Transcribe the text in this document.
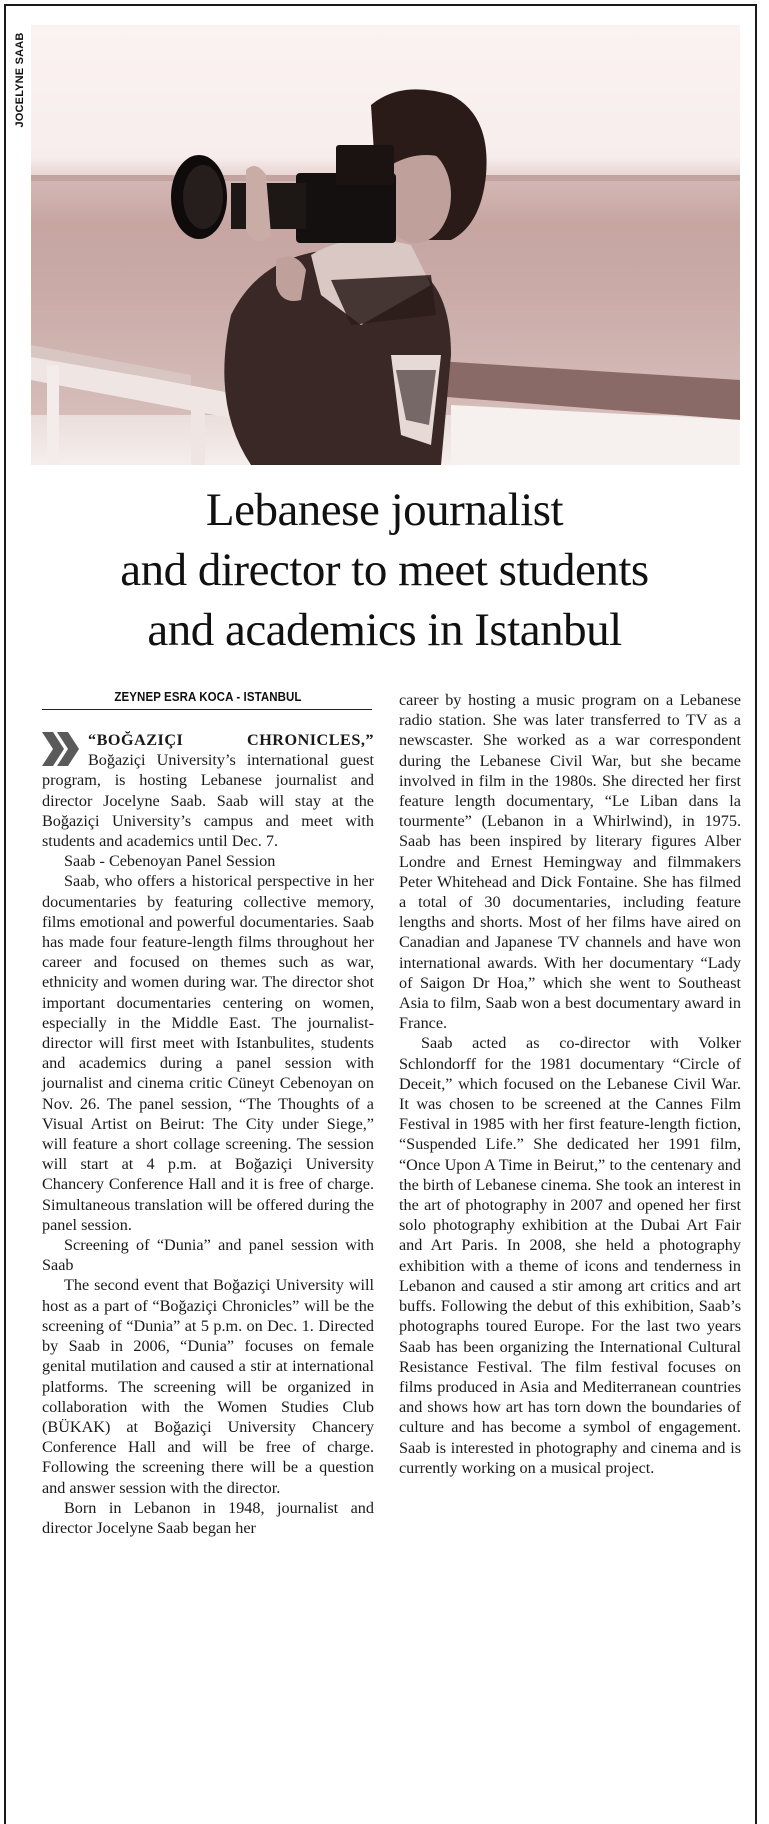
JOCELYNE SAAB
Lebanese journalist
and director to meet students
and academics in Istanbul
ZEYNEP ESRA KOCA - ISTANBUL

“BOĞAZIÇI CHRONICLES,” Boğaziçi University’s international guest program, is hosting Lebanese journalist and director Jocelyne Saab. Saab will stay at the Boğaziçi University’s campus and meet with students and academics until Dec. 7.

Saab - Cebenoyan Panel Session

Saab, who offers a historical perspective in her documentaries by featuring collective memory, films emotional and powerful documentaries. Saab has made four feature-length films throughout her career and focused on themes such as war, ethnicity and women during war. The director shot important documentaries centering on women, especially in the Middle East. The journalist-director will first meet with Istanbulites, students and academics during a panel session with journalist and cinema critic Cüneyt Cebenoyan on Nov. 26. The panel session, “The Thoughts of a Visual Artist on Beirut: The City under Siege,” will feature a short collage screening. The session will start at 4 p.m. at Boğaziçi University Chancery Conference Hall and it is free of charge. Simultaneous translation will be offered during the panel session.

Screening of “Dunia” and panel session with Saab

The second event that Boğaziçi University will host as a part of “Boğaziçi Chronicles” will be the screening of “Dunia” at 5 p.m. on Dec. 1. Directed by Saab in 2006, “Dunia” focuses on female genital mutilation and caused a stir at international platforms. The screening will be organized in collaboration with the Women Studies Club (BÜKAK) at Boğaziçi University Chancery Conference Hall and will be free of charge. Following the screening there will be a question and answer session with the director.

Born in Lebanon in 1948, journalist and director Jocelyne Saab began her

career by hosting a music program on a Lebanese radio station. She was later transferred to TV as a newscaster. She worked as a war correspondent during the Lebanese Civil War, but she became involved in film in the 1980s. She directed her first feature length documentary, “Le Liban dans la tourmente” (Lebanon in a Whirlwind), in 1975. Saab has been inspired by literary figures Alber Londre and Ernest Hemingway and filmmakers Peter Whitehead and Dick Fontaine. She has filmed a total of 30 documentaries, including feature lengths and shorts. Most of her films have aired on Canadian and Japanese TV channels and have won international awards. With her documentary “Lady of Saigon Dr Hoa,” which she went to Southeast Asia to film, Saab won a best documentary award in France.

Saab acted as co-director with Volker Schlondorff for the 1981 documentary “Circle of Deceit,” which focused on the Lebanese Civil War. It was chosen to be screened at the Cannes Film Festival in 1985 with her first feature-length fiction, “Suspended Life.” She dedicated her 1991 film, “Once Upon A Time in Beirut,” to the centenary and the birth of Lebanese cinema. She took an interest in the art of photography in 2007 and opened her first solo photography exhibition at the Dubai Art Fair and Art Paris. In 2008, she held a photography exhibition with a theme of icons and tenderness in Lebanon and caused a stir among art critics and art buffs. Following the debut of this exhibition, Saab’s photographs toured Europe. For the last two years Saab has been organizing the International Cultural Resistance Festival. The film festival focuses on films produced in Asia and Mediterranean countries and shows how art has torn down the boundaries of culture and has become a symbol of engagement. Saab is interested in photography and cinema and is currently working on a musical project.
